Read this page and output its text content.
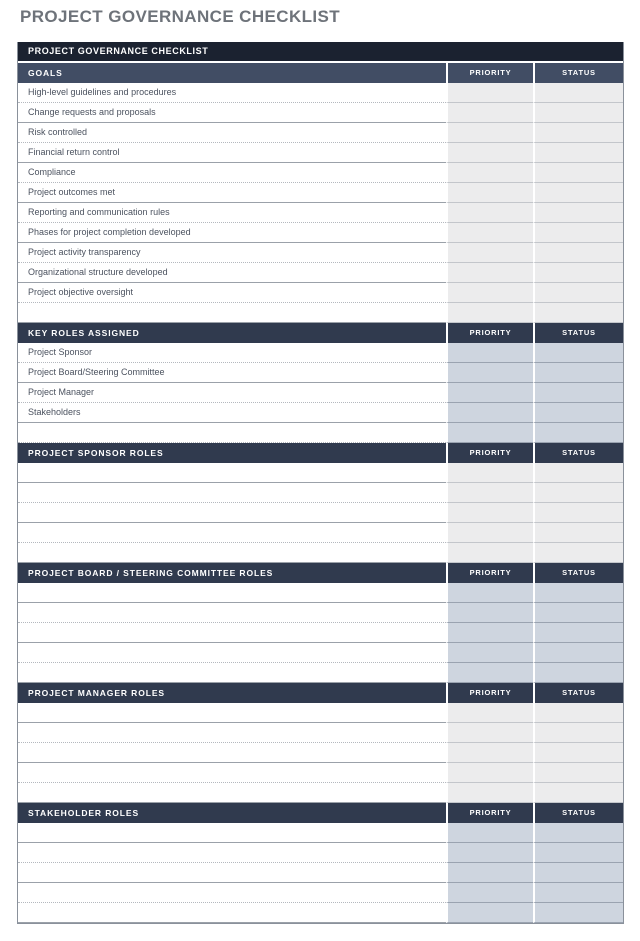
PROJECT GOVERNANCE CHECKLIST
PROJECT GOVERNANCE CHECKLIST
GOALS	PRIORITY	STATUS
High-level guidelines and procedures
Change requests and proposals
Risk controlled
Financial return control
Compliance
Project outcomes met
Reporting and communication rules
Phases for project completion developed
Project activity transparency
Organizational structure developed
Project objective oversight
KEY ROLES ASSIGNED	PRIORITY	STATUS
Project Sponsor
Project Board/Steering Committee
Project Manager
Stakeholders
PROJECT SPONSOR ROLES	PRIORITY	STATUS
PROJECT BOARD / STEERING COMMITTEE ROLES	PRIORITY	STATUS
PROJECT MANAGER ROLES	PRIORITY	STATUS
STAKEHOLDER ROLES	PRIORITY	STATUS
